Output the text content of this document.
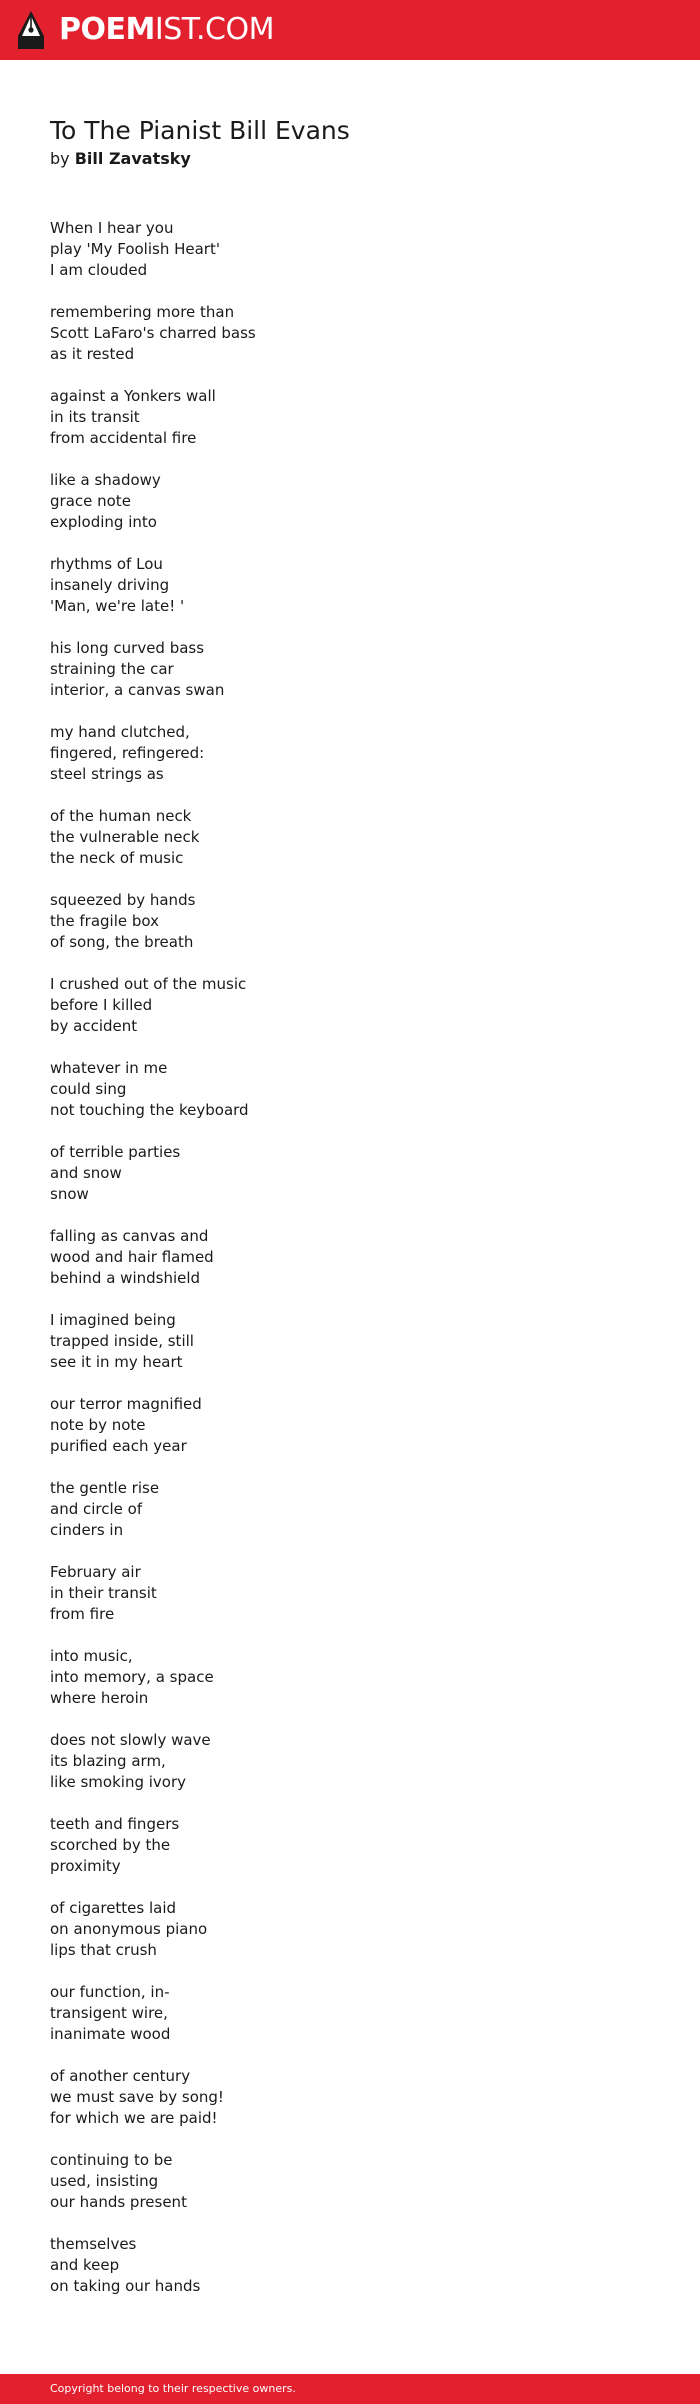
POEMIST.COM
To The Pianist Bill Evans
by Bill Zavatsky
When I hear you
play 'My Foolish Heart'
I am clouded
remembering more than
Scott LaFaro's charred bass
as it rested
against a Yonkers wall
in its transit
from accidental fire
like a shadowy
grace note
exploding into
rhythms of Lou
insanely driving
'Man, we're late! '
his long curved bass
straining the car
interior, a canvas swan
my hand clutched,
fingered, refingered:
steel strings as
of the human neck
the vulnerable neck
the neck of music
squeezed by hands
the fragile box
of song, the breath
I crushed out of the music
before I killed
by accident
whatever in me
could sing
not touching the keyboard
of terrible parties
and snow
snow
falling as canvas and
wood and hair flamed
behind a windshield
I imagined being
trapped inside, still
see it in my heart
our terror magnified
note by note
purified each year
the gentle rise
and circle of
cinders in
February air
in their transit
from fire
into music,
into memory, a space
where heroin
does not slowly wave
its blazing arm,
like smoking ivory
teeth and fingers
scorched by the
proximity
of cigarettes laid
on anonymous piano
lips that crush
our function, in-
transigent wire,
inanimate wood
of another century
we must save by song!
for which we are paid!
continuing to be
used, insisting
our hands present
themselves
and keep
on taking our hands
Copyright belong to their respective owners.
